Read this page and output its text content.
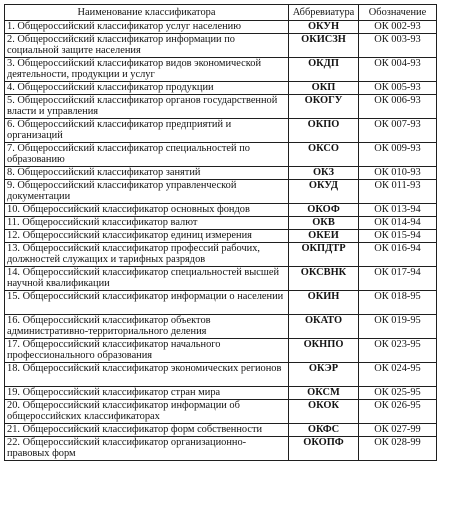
Наименование классификатора	Аббревиатура	Обозначение
1. Общероссийский классификатор услуг населению	ОКУН	ОК 002-93
2. Общероссийский классификатор информации по социальной защите населения	ОКИСЗН	ОК 003-93
3. Общероссийский классификатор видов экономической деятельности, продукции и услуг	ОКДП	ОК 004-93
4. Общероссийский классификатор продукции	ОКП	ОК 005-93
5. Общероссийский классификатор органов государственной власти и управления	ОКОГУ	ОК 006-93
6. Общероссийский классификатор предприятий и организаций	ОКПО	ОК 007-93
7. Общероссийский классификатор специальностей по образованию	ОКСО	ОК 009-93
8. Общероссийский классификатор занятий	ОКЗ	ОК 010-93
9. Общероссийский классификатор управленческой документации	ОКУД	ОК 011-93
10. Общероссийский классификатор основных фондов	ОКОФ	ОК 013-94
11. Общероссийский классификатор валют	ОКВ	ОК 014-94
12. Общероссийский классификатор единиц измерения	ОКЕИ	ОК 015-94
13. Общероссийский классификатор профессий рабочих, должностей служащих и тарифных разрядов	ОКПДТР	ОК 016-94
14. Общероссийский классификатор специальностей высшей научной квалификации	ОКСВНК	ОК 017-94
15. Общероссийский классификатор информации о населении	ОКИН	ОК 018-95
16. Общероссийский классификатор объектов административно-территориального деления	ОКАТО	ОК 019-95
17. Общероссийский классификатор начального профессионального образования	ОКНПО	ОК 023-95
18. Общероссийский классификатор экономических регионов	ОКЭР	ОК 024-95
19. Общероссийский классификатор стран мира	ОКСМ	ОК 025-95
20. Общероссийский классификатор информации об общероссийских классификаторах	ОКОК	ОК 026-95
21. Общероссийский классификатор форм собственности	ОКФС	ОК 027-99
22. Общероссийский классификатор организационно-правовых форм	ОКОПФ	ОК 028-99
